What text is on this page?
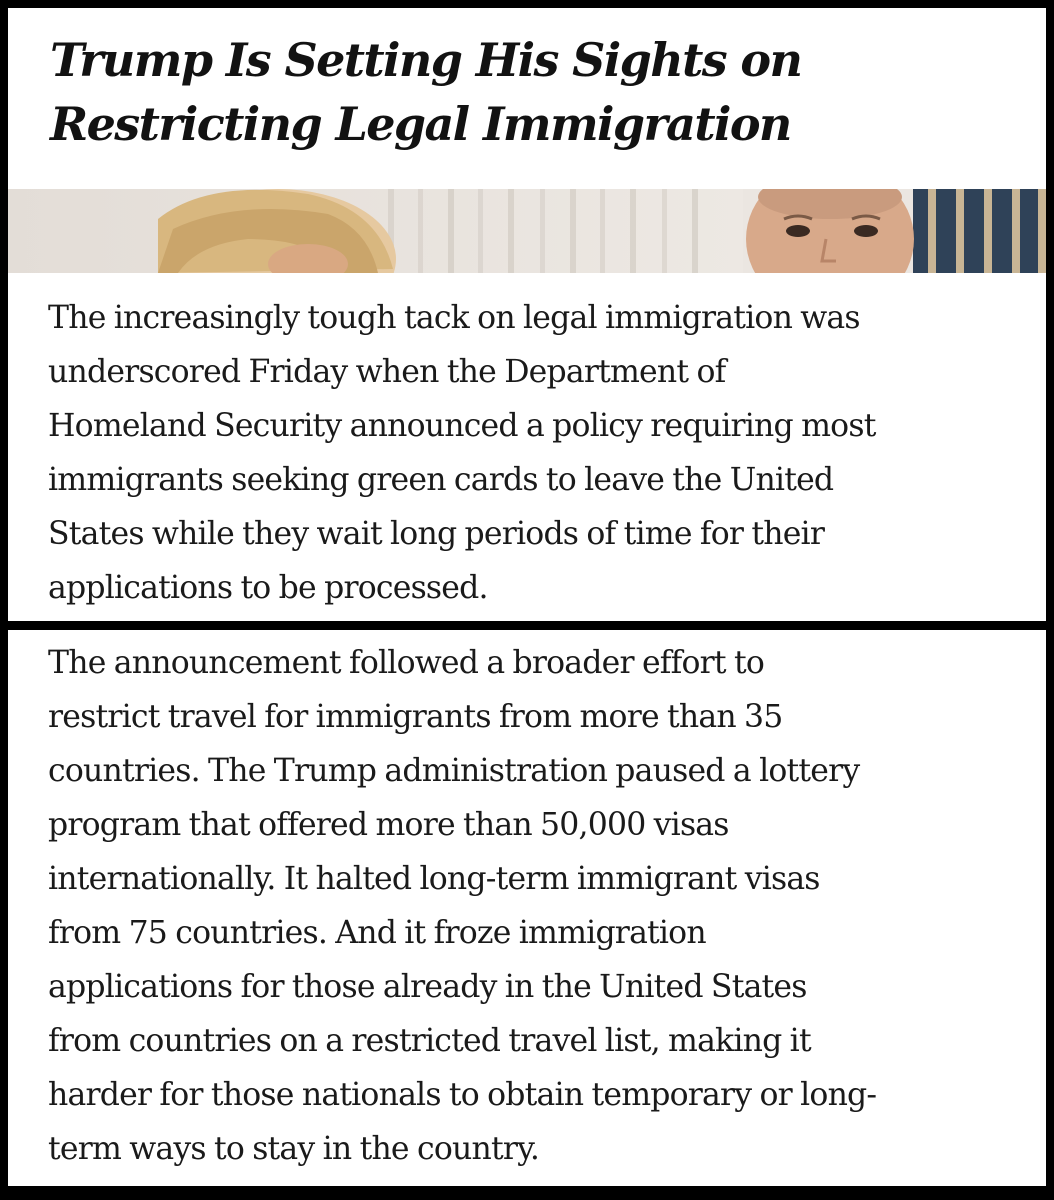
Trump Is Setting His Sights on
Restricting Legal Immigration

The increasingly tough tack on legal immigration was
underscored Friday when the Department of
Homeland Security announced a policy requiring most
immigrants seeking green cards to leave the United
States while they wait long periods of time for their
applications to be processed.

The announcement followed a broader effort to
restrict travel for immigrants from more than 35
countries. The Trump administration paused a lottery
program that offered more than 50,000 visas
internationally. It halted long-term immigrant visas
from 75 countries. And it froze immigration
applications for those already in the United States
from countries on a restricted travel list, making it
harder for those nationals to obtain temporary or long-
term ways to stay in the country.
